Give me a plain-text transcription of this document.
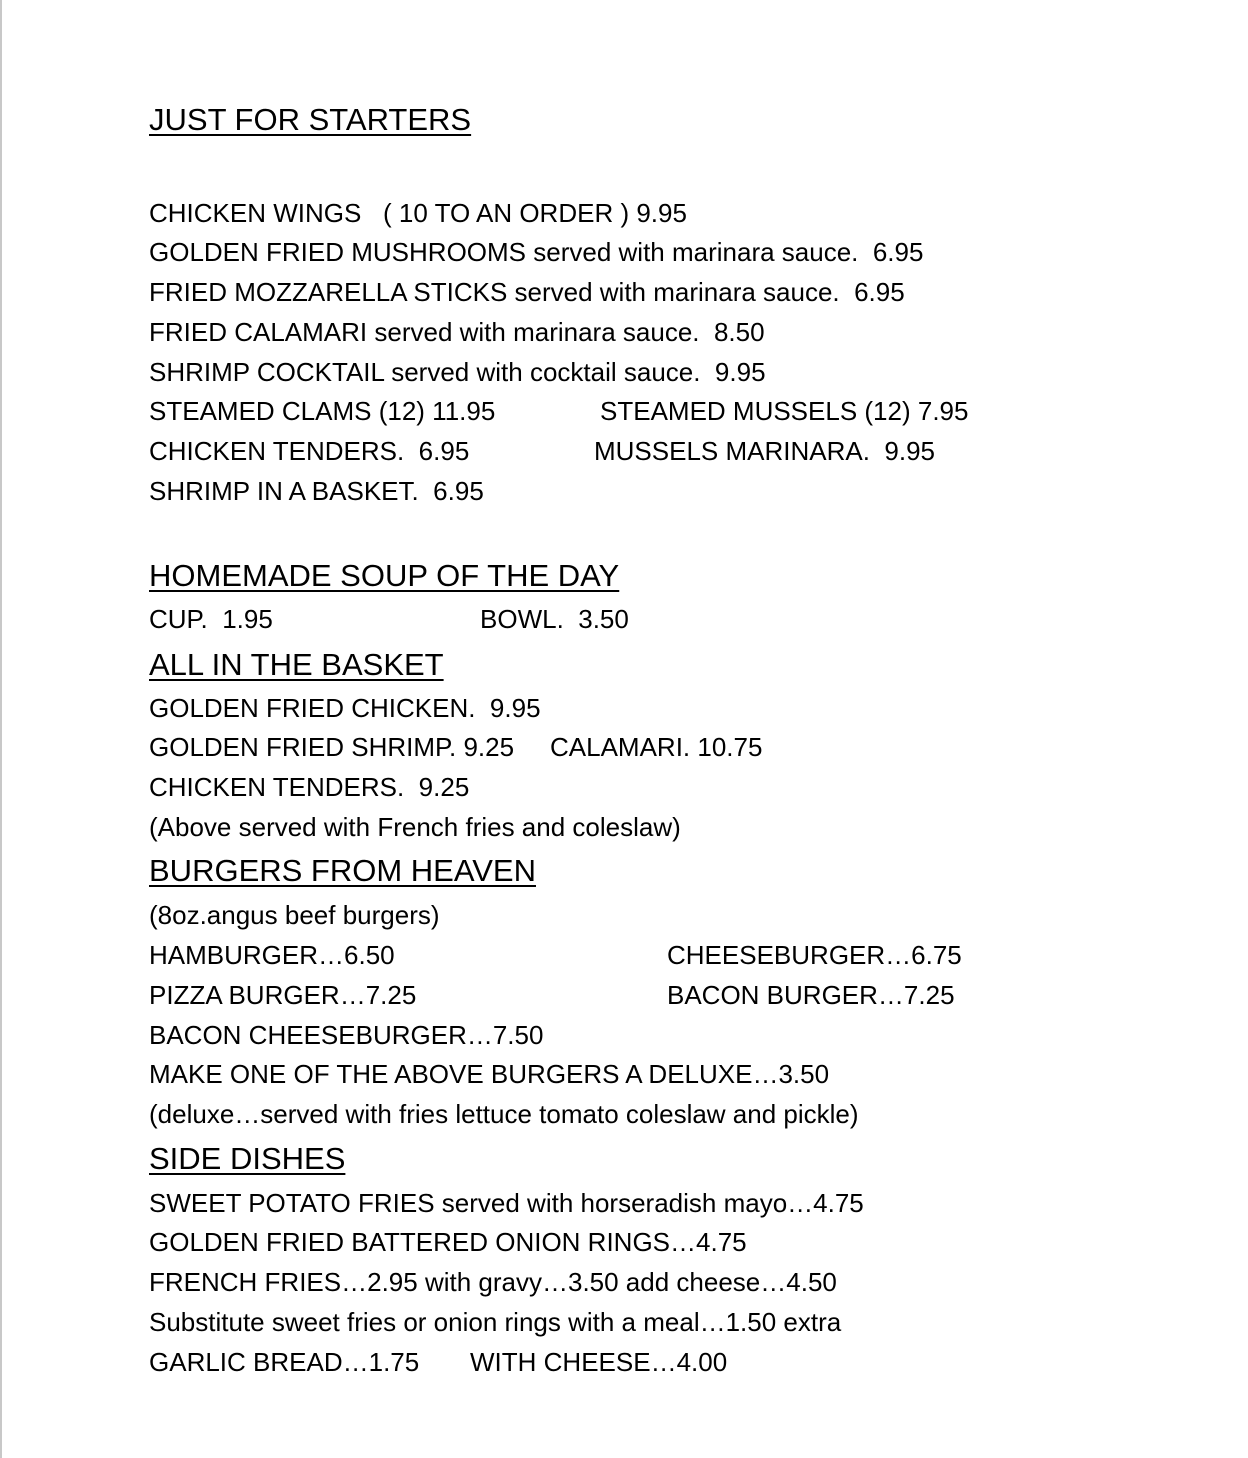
JUST FOR STARTERS
CHICKEN WINGS   ( 10 TO AN ORDER ) 9.95
GOLDEN FRIED MUSHROOMS served with marinara sauce.  6.95
FRIED MOZZARELLA STICKS served with marinara sauce.  6.95
FRIED CALAMARI served with marinara sauce.  8.50
SHRIMP COCKTAIL served with cocktail sauce.  9.95
STEAMED CLAMS (12) 11.95	STEAMED MUSSELS (12) 7.95
CHICKEN TENDERS.  6.95	MUSSELS MARINARA.  9.95
SHRIMP IN A BASKET.  6.95
HOMEMADE SOUP OF THE DAY
CUP.  1.95	BOWL.  3.50
ALL IN THE BASKET
GOLDEN FRIED CHICKEN.  9.95
GOLDEN FRIED SHRIMP. 9.25 CALAMARI. 10.75
CHICKEN TENDERS.  9.25
(Above served with French fries and coleslaw)
BURGERS FROM HEAVEN
(8oz.angus beef burgers)
HAMBURGER…6.50	CHEESEBURGER…6.75
PIZZA BURGER…7.25	BACON BURGER…7.25
BACON CHEESEBURGER…7.50
MAKE ONE OF THE ABOVE BURGERS A DELUXE…3.50
(deluxe…served with fries lettuce tomato coleslaw and pickle)
SIDE DISHES
SWEET POTATO FRIES served with horseradish mayo…4.75
GOLDEN FRIED BATTERED ONION RINGS…4.75
FRENCH FRIES…2.95 with gravy…3.50 add cheese…4.50
Substitute sweet fries or onion rings with a meal…1.50 extra
GARLIC BREAD…1.75 WITH CHEESE…4.00
